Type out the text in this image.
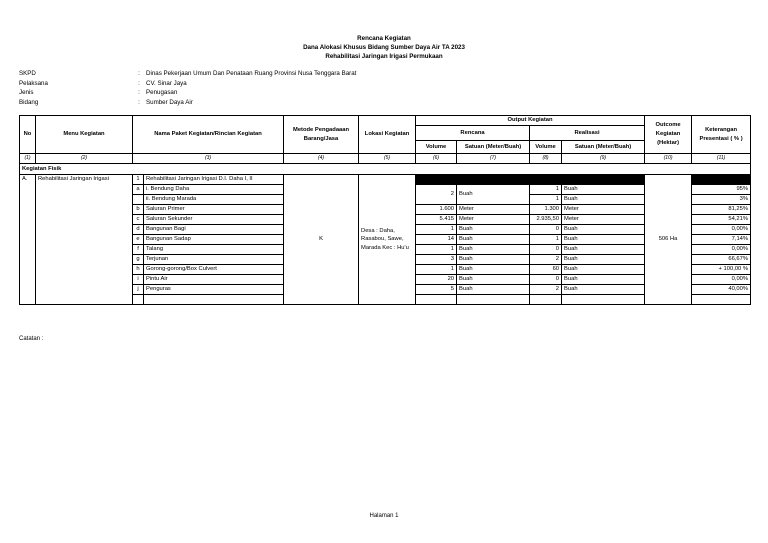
Rencana Kegiatan
Dana Alokasi Khusus Bidang Sumber Daya Air TA 2023
Rehabilitasi Jaringan Irigasi Permukaan
SKPD	: Dinas Pekerjaan Umum Dan Penataan Ruang Provinsi Nusa Tenggara Barat
Pelaksana	: CV. Sinar Jaya
Jenis	: Penugasan
Bidang	: Sumber Daya Air
No	Menu Kegiatan	Nama Paket Kegiatan/Rincian Kegiatan		Metode Pengadaaan Barang/Jasa	Lokasi Kegiatan	Output Kegiatan				Outcome Kegiatan (Hektar)	Keterangan Presentasi ( % )
						Rencana		Realisasi			
						Volume	Satuan (Meter/Buah)	Volume	Satuan (Meter/Buah)		
(1)	(2)	(3)		(4)	(5)	(6)	(7)	(8)	(9)	(10)	(11)
Kegiatan Fisik											
A.	Rehabilitasi Jaringan Irigasi	1	Rehabilitasi Jaringan Irigasi D.I. Daha I, II	K	Desa : Daha, Rasabou, Sawe, Marada Kec : Hu'u					506 Ha	
		a	i. Bendung Daha			2	Buah	1	Buah		95%
			ii. Bendung Marada					1	Buah		3%
		b	Saluran Primer			1.600	Meter	1.300	Meter		81,25%
		c	Saluran Sekunder			5.415	Meter	2.935,50	Meter		54,21%
		d	Bangunan Bagi			1	Buah	0	Buah		0,00%
		e	Bangunan Sadap			14	Buah	1	Buah		7,14%
		f	Talang			1	Buah	0	Buah		0,00%
		g	Terjunan			3	Buah	2	Buah		66,67%
		h	Gorong-gorong/Box Culvert			1	Buah	60	Buah		+ 100,00 %
		i	Pintu Air			20	Buah	0	Buah		0,00%
		j	Penguras			5	Buah	2	Buah		40,00%

Catatan :
Halaman 1
